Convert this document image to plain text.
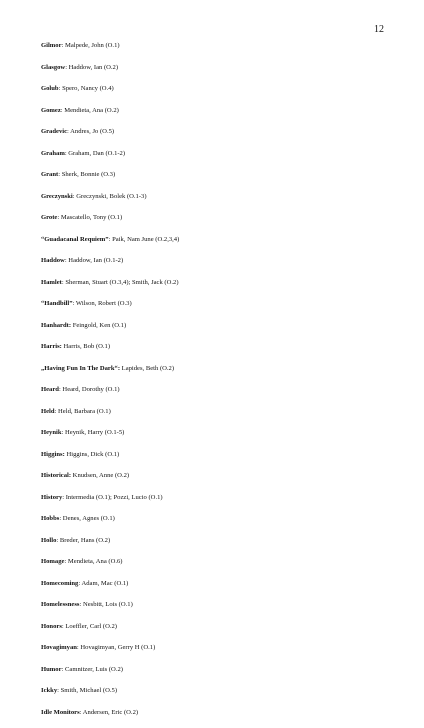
12
Gilmor: Malpede, John (O.1)
Glasgow: Haddow, Ian (O.2)
Golub: Spero, Nancy (O.4)
Gomez: Mendieta, Ana (O.2)
Gradevic: Andres, Jo (O.5)
Graham: Graham, Dan (O.1-2)
Grant: Sherk, Bonnie (O.3)
Greczynski: Greczynski, Bolek (O.1-3)
Grote: Mascatello, Tony (O.1)
“Guadacanal Requiem”: Paik, Nam June (O.2,3,4)
Haddow: Haddow, Ian (O.1-2)
Hamlet: Sherman, Stuart (O.3,4); Smith, Jack (O.2)
“Handbill”: Wilson, Robert (O.3)
Hanhardt: Feingold, Ken (O.1)
Harris: Harris, Bob (O.1)
„Having Fun In The Dark“: Lapides, Beth (O.2)
Heard: Heard, Dorothy (O.1)
Held: Held, Barbara (O.1)
Heynik: Heynik, Harry (O.1-5)
Higgins: Higgins, Dick (O.1)
Historical: Knudsen, Anne (O.2)
History: Intermedia (O.1); Pozzi, Lucio (O.1)
Hobbs: Denes, Agnes (O.1)
Hollo: Breder, Hans (O.2)
Homage: Mendieta, Ana (O.6)
Homecoming: Adam, Mac (O.1)
Homelessness: Nesbitt, Lois (O.1)
Honors: Loeffler, Carl (O.2)
Hovagimyan: Hovagimyan, Gerry H (O.1)
Humor: Camnitzer, Luis (O.2)
Ickky: Smith, Michael (O.5)
Idle Monitors: Andersen, Eric (O.2)
